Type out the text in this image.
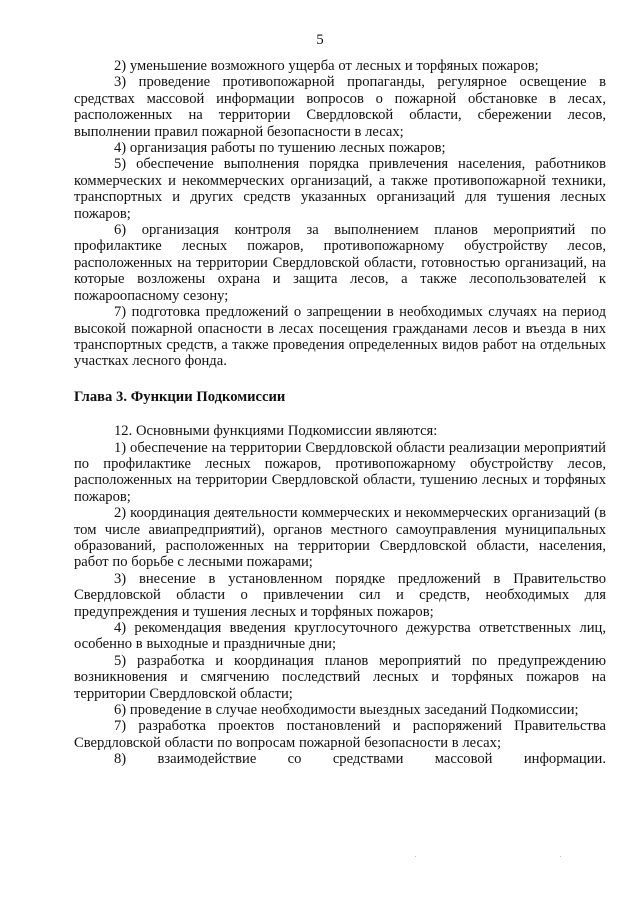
5

2) уменьшение возможного ущерба от лесных и торфяных пожаров;

3) проведение противопожарной пропаганды, регулярное освещение в средствах массовой информации вопросов о пожарной обстановке в лесах, расположенных на территории Свердловской области, сбережении лесов, выполнении правил пожарной безопасности в лесах;

4) организация работы по тушению лесных пожаров;

5) обеспечение выполнения порядка привлечения населения, работников коммерческих и некоммерческих организаций, а также противопожарной техники, транспортных и других средств указанных организаций для тушения лесных пожаров;

6) организация контроля за выполнением планов мероприятий по профилактике лесных пожаров, противопожарному обустройству лесов, расположенных на территории Свердловской области, готовностью организаций, на которые возложены охрана и защита лесов, а также лесопользователей к пожароопасному сезону;

7) подготовка предложений о запрещении в необходимых случаях на период высокой пожарной опасности в лесах посещения гражданами лесов и въезда в них транспортных средств, а также проведения определенных видов работ на отдельных участках лесного фонда.

Глава 3. Функции Подкомиссии

12. Основными функциями Подкомиссии являются:

1) обеспечение на территории Свердловской области реализации мероприятий по профилактике лесных пожаров, противопожарному обустройству лесов, расположенных на территории Свердловской области, тушению лесных и торфяных пожаров;

2) координация деятельности коммерческих и некоммерческих организаций (в том числе авиапредприятий), органов местного самоуправления муниципальных образований, расположенных на территории Свердловской области, населения, работ по борьбе с лесными пожарами;

3) внесение в установленном порядке предложений в Правительство Свердловской области о привлечении сил и средств, необходимых для предупреждения и тушения лесных и торфяных пожаров;

4) рекомендация введения круглосуточного дежурства ответственных лиц, особенно в выходные и праздничные дни;

5) разработка и координация планов мероприятий по предупреждению возникновения и смягчению последствий лесных и торфяных пожаров на территории Свердловской области;

6) проведение в случае необходимости выездных заседаний Подкомиссии;

7) разработка проектов постановлений и распоряжений Правительства Свердловской области по вопросам пожарной безопасности в лесах;

8) взаимодействие со средствами массовой информации.
